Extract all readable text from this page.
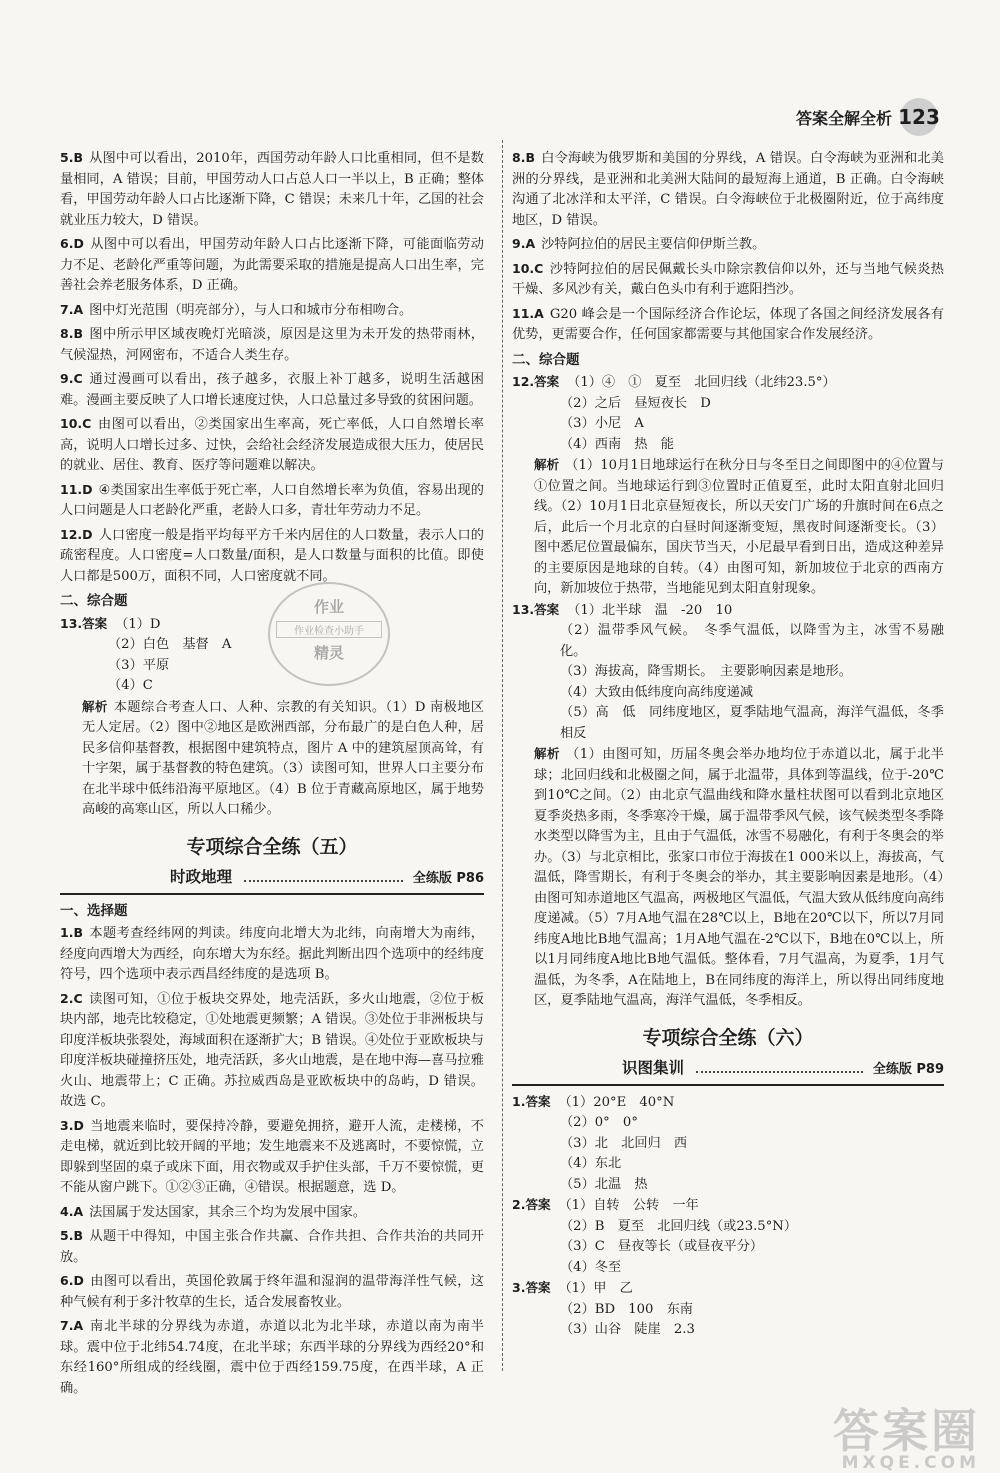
答案全解全析 123
5.B 从图中可以看出，2010年，西国劳动年龄人口比重相同，但不是数量相同，A 错误；目前，甲国劳动人口占总人口一半以上，B 正确；整体看，甲国劳动年龄人口占比逐渐下降，C 错误；未来几十年，乙国的社会就业压力较大，D 错误。
6.D 从图中可以看出，甲国劳动年龄人口占比逐渐下降，可能面临劳动力不足、老龄化严重等问题，为此需要采取的措施是提高人口出生率，完善社会养老服务体系，D 正确。
7.A 图中灯光范围（明亮部分），与人口和城市分布相吻合。
8.B 图中所示甲区域夜晚灯光暗淡，原因是这里为未开发的热带雨林，气候湿热，河网密布，不适合人类生存。
9.C 通过漫画可以看出，孩子越多，衣服上补丁越多，说明生活越困难。漫画主要反映了人口增长速度过快，人口总量过多导致的贫困问题。
10.C 由图可以看出，②类国家出生率高，死亡率低，人口自然增长率高，说明人口增长过多、过快，会给社会经济发展造成很大压力，使居民的就业、居住、教育、医疗等问题难以解决。
11.D ④类国家出生率低于死亡率，人口自然增长率为负值，容易出现的人口问题是人口老龄化严重，老龄人口多，青壮年劳动力不足。
12.D 人口密度一般是指平均每平方千米内居住的人口数量，表示人口的疏密程度。人口密度=人口数量/面积，是人口数量与面积的比值。即使人口都是500万，面积不同，人口密度就不同。
二、综合题
13.答案 （1）D
（2）白色　基督　A
（3）平原
（4）C
解析 本题综合考查人口、人种、宗教的有关知识。（1）D 南极地区无人定居。（2）图中②地区是欧洲西部，分布最广的是白色人种，居民多信仰基督教，根据图中建筑特点，图片 A 中的建筑屋顶高耸，有十字架，属于基督教的特色建筑。（3）读图可知，世界人口主要分布在北半球中低纬沿海平原地区。（4）B 位于青藏高原地区，属于地势高峻的高寒山区，所以人口稀少。
专项综合全练（五）
时政地理	全练版 P86
一、选择题
1.B 本题考查经纬网的判读。纬度向北增大为北纬，向南增大为南纬，经度向西增大为西经，向东增大为东经。据此判断出四个选项中的经纬度符号，四个选项中表示西昌经纬度的是选项 B。
2.C 读图可知，①位于板块交界处，地壳活跃，多火山地震，②位于板块内部，地壳比较稳定，①处地震更频繁；A 错误。③处位于非洲板块与印度洋板块张裂处，海域面积在逐渐扩大；B 错误。④处位于亚欧板块与印度洋板块碰撞挤压处，地壳活跃，多火山地震，是在地中海—喜马拉雅火山、地震带上；C 正确。苏拉威西岛是亚欧板块中的岛屿，D 错误。故选 C。
3.D 当地震来临时，要保持冷静，要避免拥挤，避开人流，走楼梯，不走电梯，就近到比较开阔的平地；发生地震来不及逃离时，不要惊慌，立即躲到坚固的桌子或床下面，用衣物或双手护住头部，千万不要惊慌，更不能从窗户跳下。①②③正确，④错误。根据题意，选 D。
4.A 法国属于发达国家，其余三个均为发展中国家。
5.B 从题干中得知，中国主张合作共赢、合作共担、合作共治的共同开放。
6.D 由图可以看出，英国伦敦属于终年温和湿润的温带海洋性气候，这种气候有利于多汁牧草的生长，适合发展畜牧业。
7.A 南北半球的分界线为赤道，赤道以北为北半球，赤道以南为南半球。震中位于北纬54.74度，在北半球；东西半球的分界线为西经20°和东经160°所组成的经线圈，震中位于西经159.75度，在西半球，A 正确。
作业
作业检查小助手
精灵
8.B 白令海峡为俄罗斯和美国的分界线，A 错误。白令海峡为亚洲和北美洲的分界线，是亚洲和北美洲大陆间的最短海上通道，B 正确。白令海峡沟通了北冰洋和太平洋，C 错误。白令海峡位于北极圈附近，位于高纬度地区，D 错误。
9.A 沙特阿拉伯的居民主要信仰伊斯兰教。
10.C 沙特阿拉伯的居民佩戴长头巾除宗教信仰以外，还与当地气候炎热干燥、多风沙有关，戴白色头巾有利于遮阳挡沙。
11.A G20 峰会是一个国际经济合作论坛，体现了各国之间经济发展各有优势，更需要合作，任何国家都需要与其他国家合作发展经济。
二、综合题
12.答案 （1）④　①　夏至　北回归线（北纬23.5°）
（2）之后　昼短夜长　D
（3）小尼　A
（4）西南　热　能
解析 （1）10月1日地球运行在秋分日与冬至日之间即图中的④位置与①位置之间。当地球运行到③位置时正值夏至，此时太阳直射北回归线。（2）10月1日北京昼短夜长，所以天安门广场的升旗时间在6点之后，此后一个月北京的白昼时间逐渐变短，黑夜时间逐渐变长。（3）图中悉尼位置最偏东，国庆节当天，小尼最早看到日出，造成这种差异的主要原因是地球的自转。（4）由图可知，新加坡位于北京的西南方向，新加坡位于热带，当地能见到太阳直射现象。
13.答案 （1）北半球　温　-20　10
（2）温带季风气候。　冬季气温低，以降雪为主，冰雪不易融化。
（3）海拔高，降雪期长。　主要影响因素是地形。
（4）大致由低纬度向高纬度递减
（5）高　低　同纬度地区，夏季陆地气温高，海洋气温低，冬季相反
解析 （1）由图可知，历届冬奥会举办地均位于赤道以北，属于北半球；北回归线和北极圈之间，属于北温带，具体到等温线，位于-20℃到10℃之间。（2）由北京气温曲线和降水量柱状图可以看到北京地区夏季炎热多雨，冬季寒冷干燥，属于温带季风气候，该气候类型冬季降水类型以降雪为主，且由于气温低，冰雪不易融化，有利于冬奥会的举办。（3）与北京相比，张家口市位于海拔在1 000米以上，海拔高，气温低，降雪期长，有利于冬奥会的举办，其主要影响因素是地形。（4）由图可知赤道地区气温高，两极地区气温低，气温大致从低纬度向高纬度递减。（5）7月A地气温在28℃以上，B地在20℃以下，所以7月同纬度A地比B地气温高；1月A地气温在-2℃以下，B地在0℃以上，所以1月同纬度A地比B地气温低。整体看，7月气温高，为夏季，1月气温低，为冬季，A在陆地上，B在同纬度的海洋上，所以得出同纬度地区，夏季陆地气温高，海洋气温低，冬季相反。
专项综合全练（六）
识图集训	全练版 P89
1.答案 （1）20°E　40°N
（2）0°　0°
（3）北　北回归　西
（4）东北
（5）北温　热
2.答案 （1）自转　公转　一年
（2）B　夏至　北回归线（或23.5°N）
（3）C　昼夜等长（或昼夜平分）
（4）冬至
3.答案 （1）甲　乙
（2）BD　100　东南
（3）山谷　陡崖　2.3
答案圈
MXQE.COM
